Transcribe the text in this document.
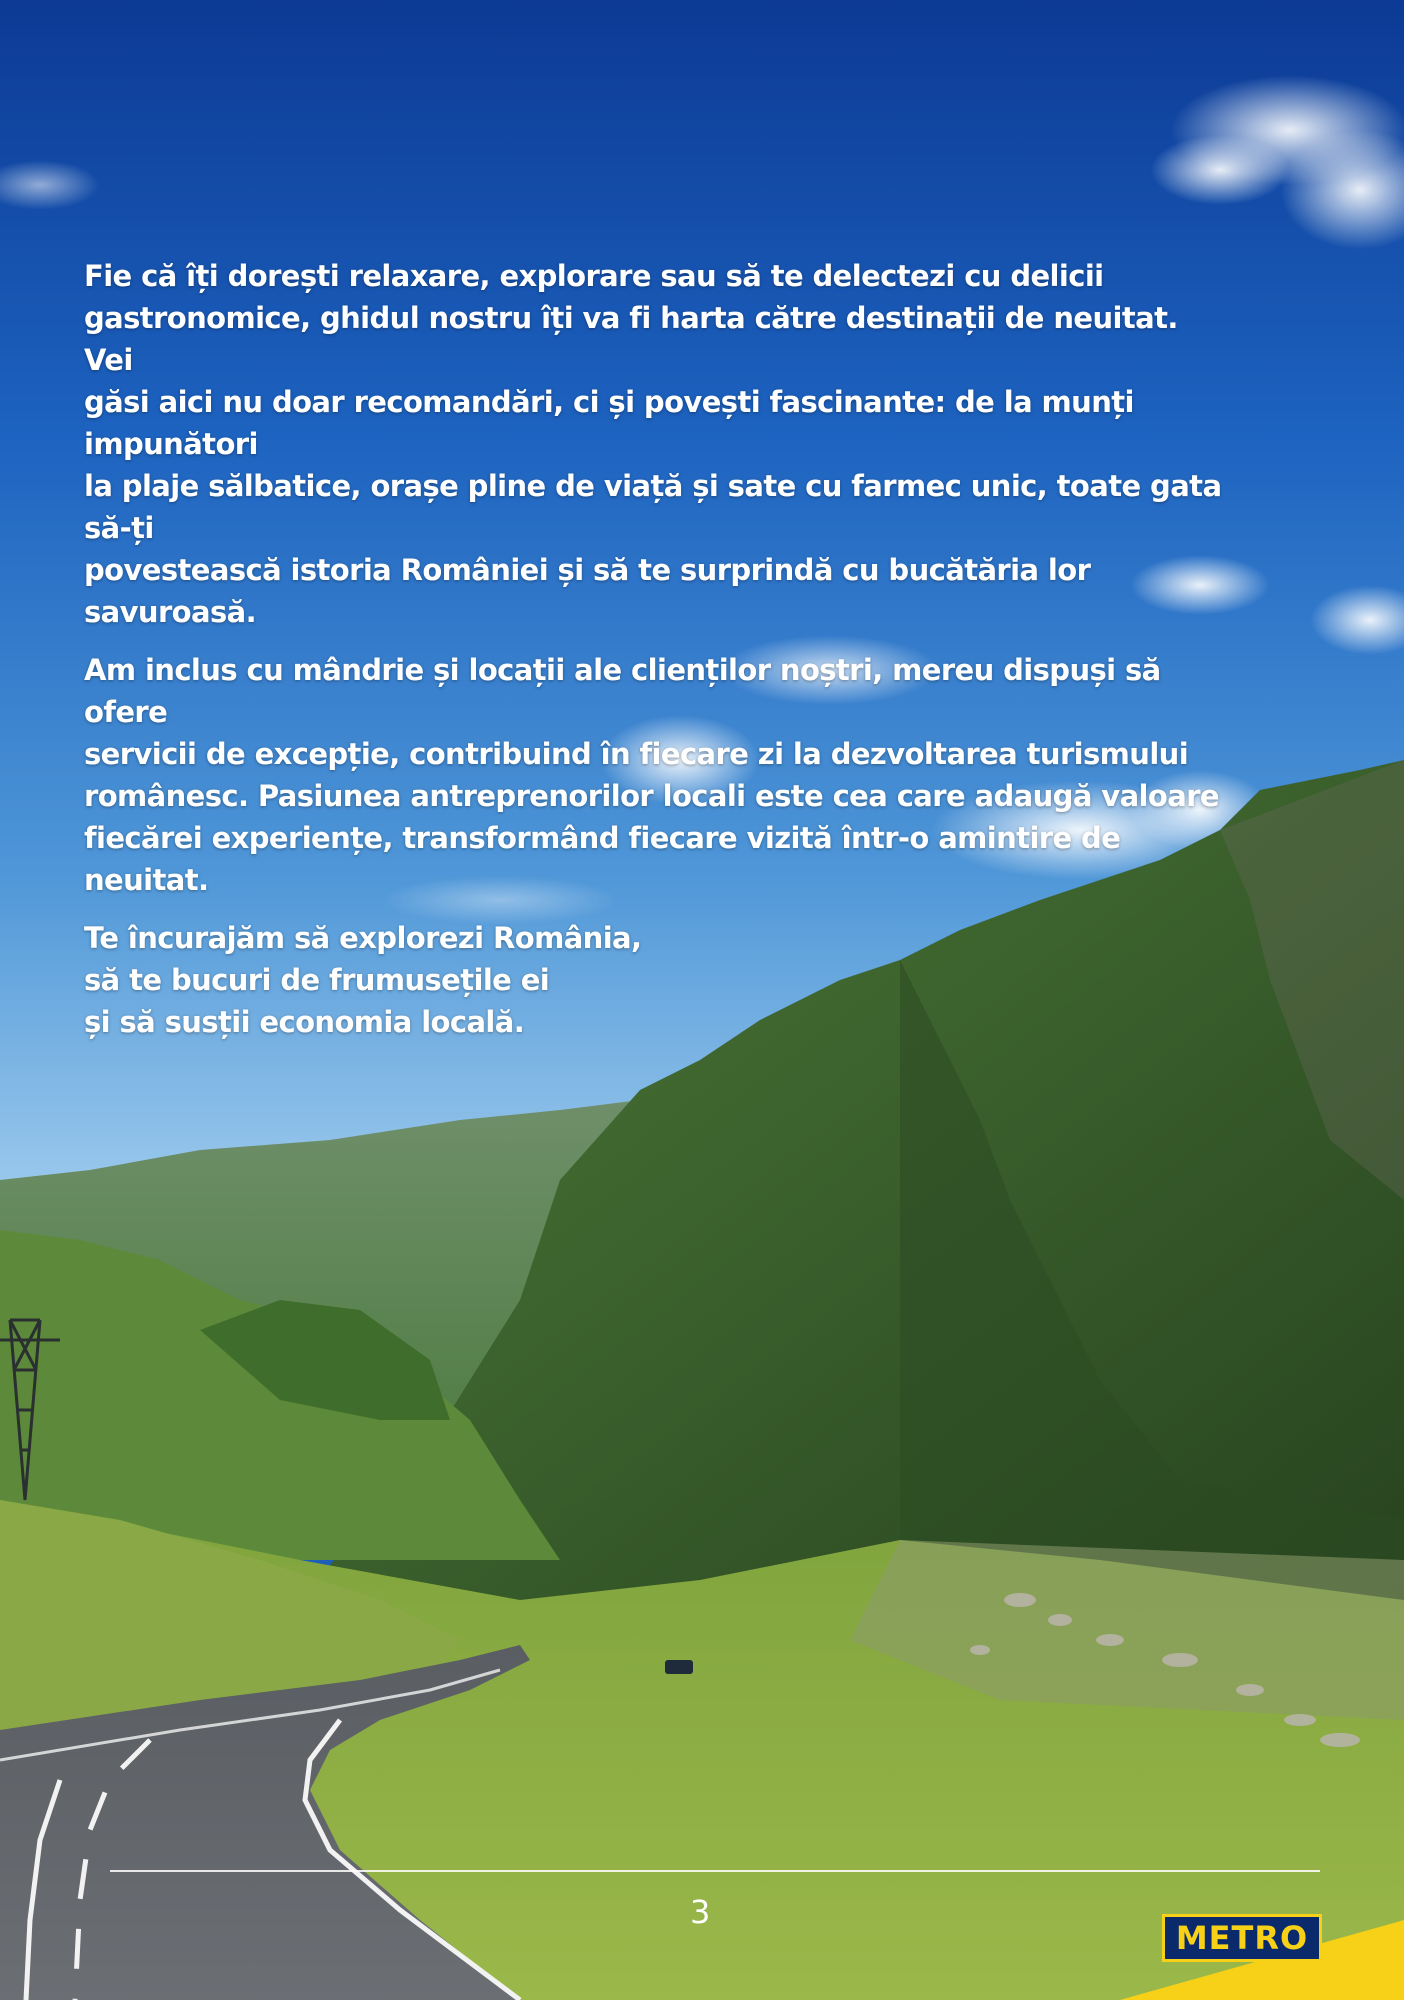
Fie că îți dorești relaxare, explorare sau să te delectezi cu delicii
gastronomice, ghidul nostru îți va fi harta către destinații de neuitat. Vei
găsi aici nu doar recomandări, ci și povești fascinante: de la munți impunători
la plaje sălbatice, orașe pline de viață și sate cu farmec unic, toate gata să-ți
povestească istoria României și să te surprindă cu bucătăria lor savuroasă.

Am inclus cu mândrie și locații ale clienților noștri, mereu dispuși să ofere
servicii de excepție, contribuind în fiecare zi la dezvoltarea turismului
românesc. Pasiunea antreprenorilor locali este cea care adaugă valoare
fiecărei experiențe, transformând fiecare vizită într-o amintire de neuitat.

Te încurajăm să explorezi România,
să te bucuri de frumusețile ei
și să susții economia locală.

3
METRO
